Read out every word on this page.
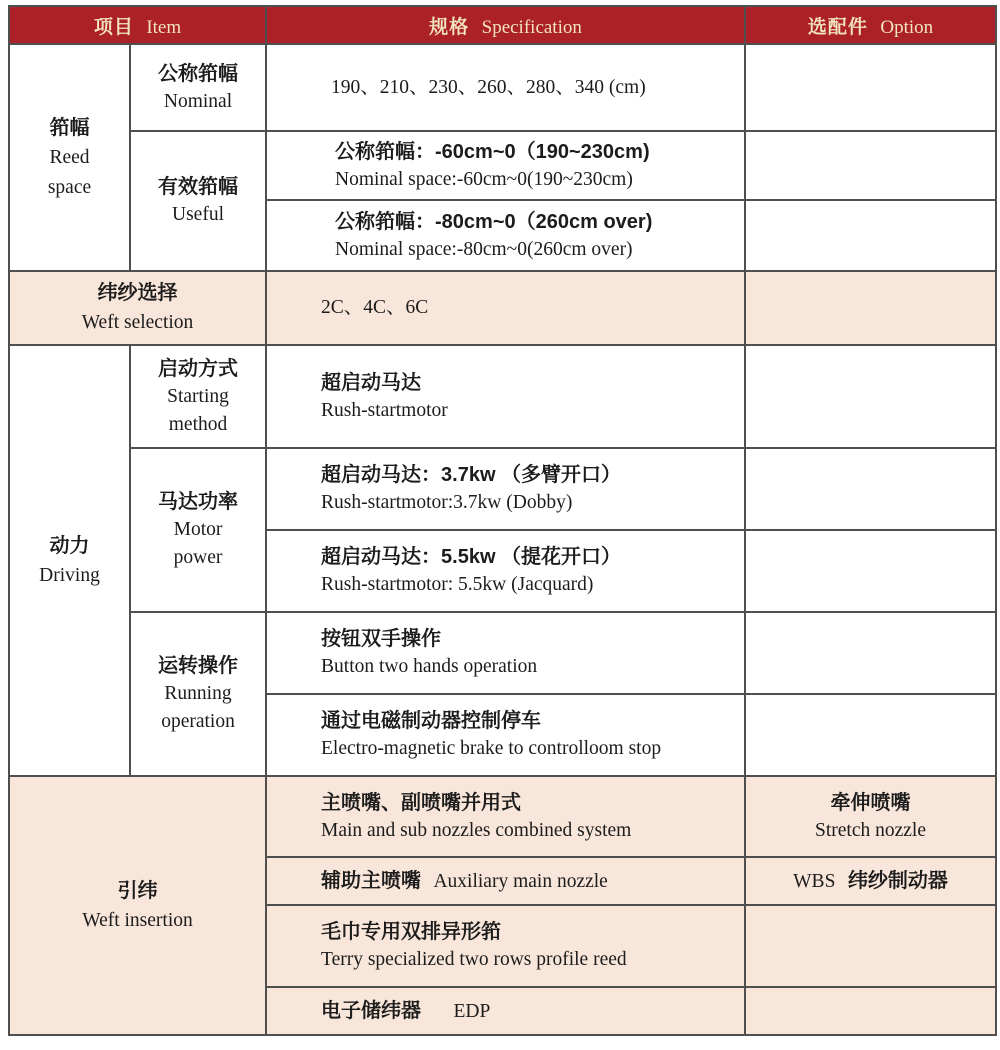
项目 Item		规格 Specification	选配件 Option

筘幅
Reed
space	公称筘幅
Nominal	190、210、230、260、280、340 (cm)	

	有效筘幅
Useful	公称筘幅：-60cm~0（190~230cm)
Nominal space:-60cm~0(190~230cm)	

		公称筘幅：-80cm~0（260cm over)
Nominal space:-80cm~0(260cm over)	

纬纱选择
Weft selection		2C、4C、6C	

动力
Driving	启动方式
Starting
method	超启动马达
Rush-startmotor	

	马达功率
Motor
power	超启动马达：3.7kw （多臂开口）
Rush-startmotor:3.7kw (Dobby)	

		超启动马达：5.5kw （提花开口）
Rush-startmotor: 5.5kw (Jacquard)	

	运转操作
Running
operation	按钮双手操作
Button two hands operation	

		通过电磁制动器控制停车
Electro-magnetic brake to controlloom stop	

引纬
Weft insertion		主喷嘴、副喷嘴并用式
Main and sub nozzles combined system	牵伸喷嘴
Stretch nozzle

		辅助主喷嘴 Auxiliary main nozzle	WBS 纬纱制动器

		毛巾专用双排异形筘
Terry specialized two rows profile reed	

		电子储纬器 EDP	
